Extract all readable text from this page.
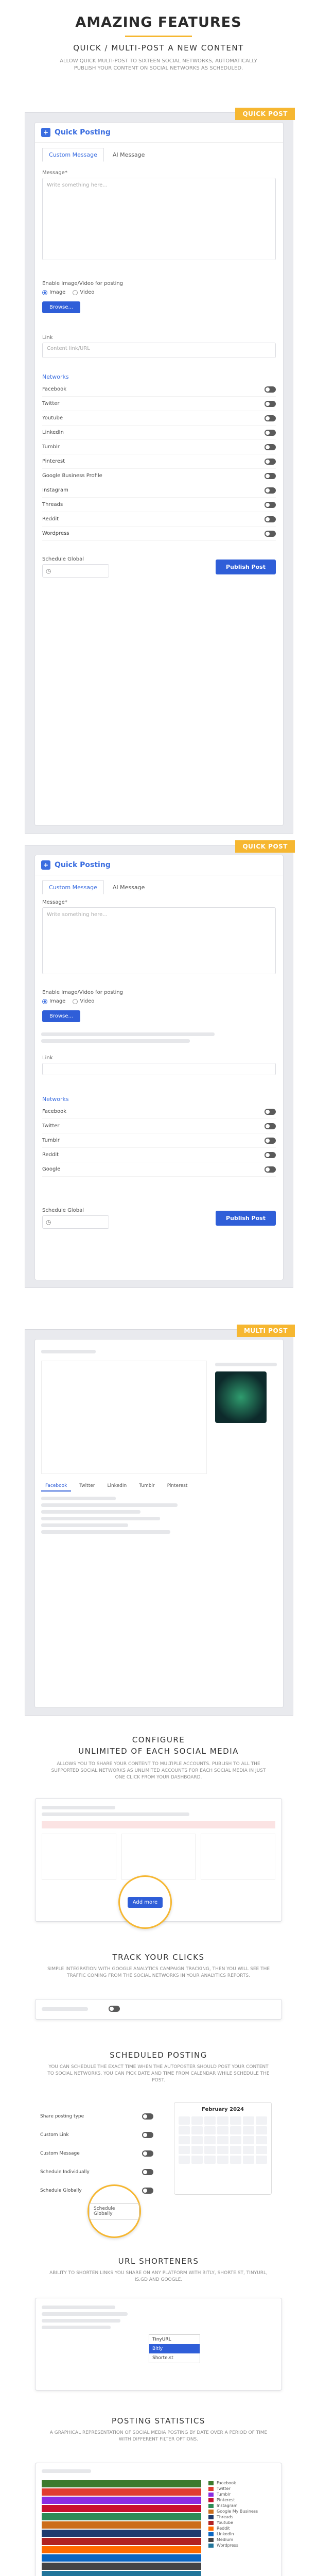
AMAZING FEATURES
QUICK / MULTI-POST A NEW CONTENT
ALLOW QUICK MULTI-POST TO SIXTEEN SOCIAL NETWORKS, AUTOMATICALLY PUBLISH YOUR CONTENT ON SOCIAL NETWORKS AS SCHEDULED.
QUICK POST
+ Quick Posting
Custom Message	AI Message
Message*
Write something here...
Enable Image/Video for posting
Image	Video
Browse...
Link
Content link/URL
Networks
Facebook
Twitter
Youtube
LinkedIn
Tumblr
Pinterest
Google Business Profile
Instagram
Threads
Reddit
Wordpress
Schedule Global
◷
Publish Post
QUICK POST
+ Quick Posting
Custom Message	AI Message
Message*
Write something here...
Enable Image/Video for posting
Image	Video
Browse...
Link
Networks
Facebook
Twitter
Tumblr
Reddit
Google
Schedule Global
◷
Publish Post
MULTI POST
Facebook	Twitter	LinkedIn	Tumblr	Pinterest
CONFIGURE
UNLIMITED OF EACH SOCIAL MEDIA
ALLOWS YOU TO SHARE YOUR CONTENT TO MULTIPLE ACCOUNTS. PUBLISH TO ALL THE SUPPORTED SOCIAL NETWORKS AS UNLIMITED ACCOUNTS FOR EACH SOCIAL MEDIA IN JUST ONE CLICK FROM YOUR DASHBOARD.
Add more
TRACK YOUR CLICKS
SIMPLE INTEGRATION WITH GOOGLE ANALYTICS CAMPAIGN TRACKING, THEN YOU WILL SEE THE TRAFFIC COMING FROM THE SOCIAL NETWORKS IN YOUR ANALYTICS REPORTS.
SCHEDULED POSTING
YOU CAN SCHEDULE THE EXACT TIME WHEN THE AUTOPOSTER SHOULD POST YOUR CONTENT TO SOCIAL NETWORKS. YOU CAN PICK DATE AND TIME FROM CALENDAR WHILE SCHEDULE THE POST.
Share posting type
Custom Link
Custom Message
Schedule Individually
Schedule Globally
February 2024
Schedule Globally
URL SHORTENERS
ABILITY TO SHORTEN LINKS YOU SHARE ON ANY PLATFORM WITH BITLY, SHORTE.ST, TINYURL, IS.GD AND GOOGLE.
TinyURL
Bitly
Shorte.st
POSTING STATISTICS
A GRAPHICAL REPRESENTATION OF SOCIAL MEDIA POSTING BY DATE OVER A PERIOD OF TIME WITH DIFFERENT FILTER OPTIONS.
Facebook
Twitter
Tumblr
Pinterest
Instagram
Google My Business
Threads
Youtube
Reddit
LinkedIn
Medium
Wordpress
